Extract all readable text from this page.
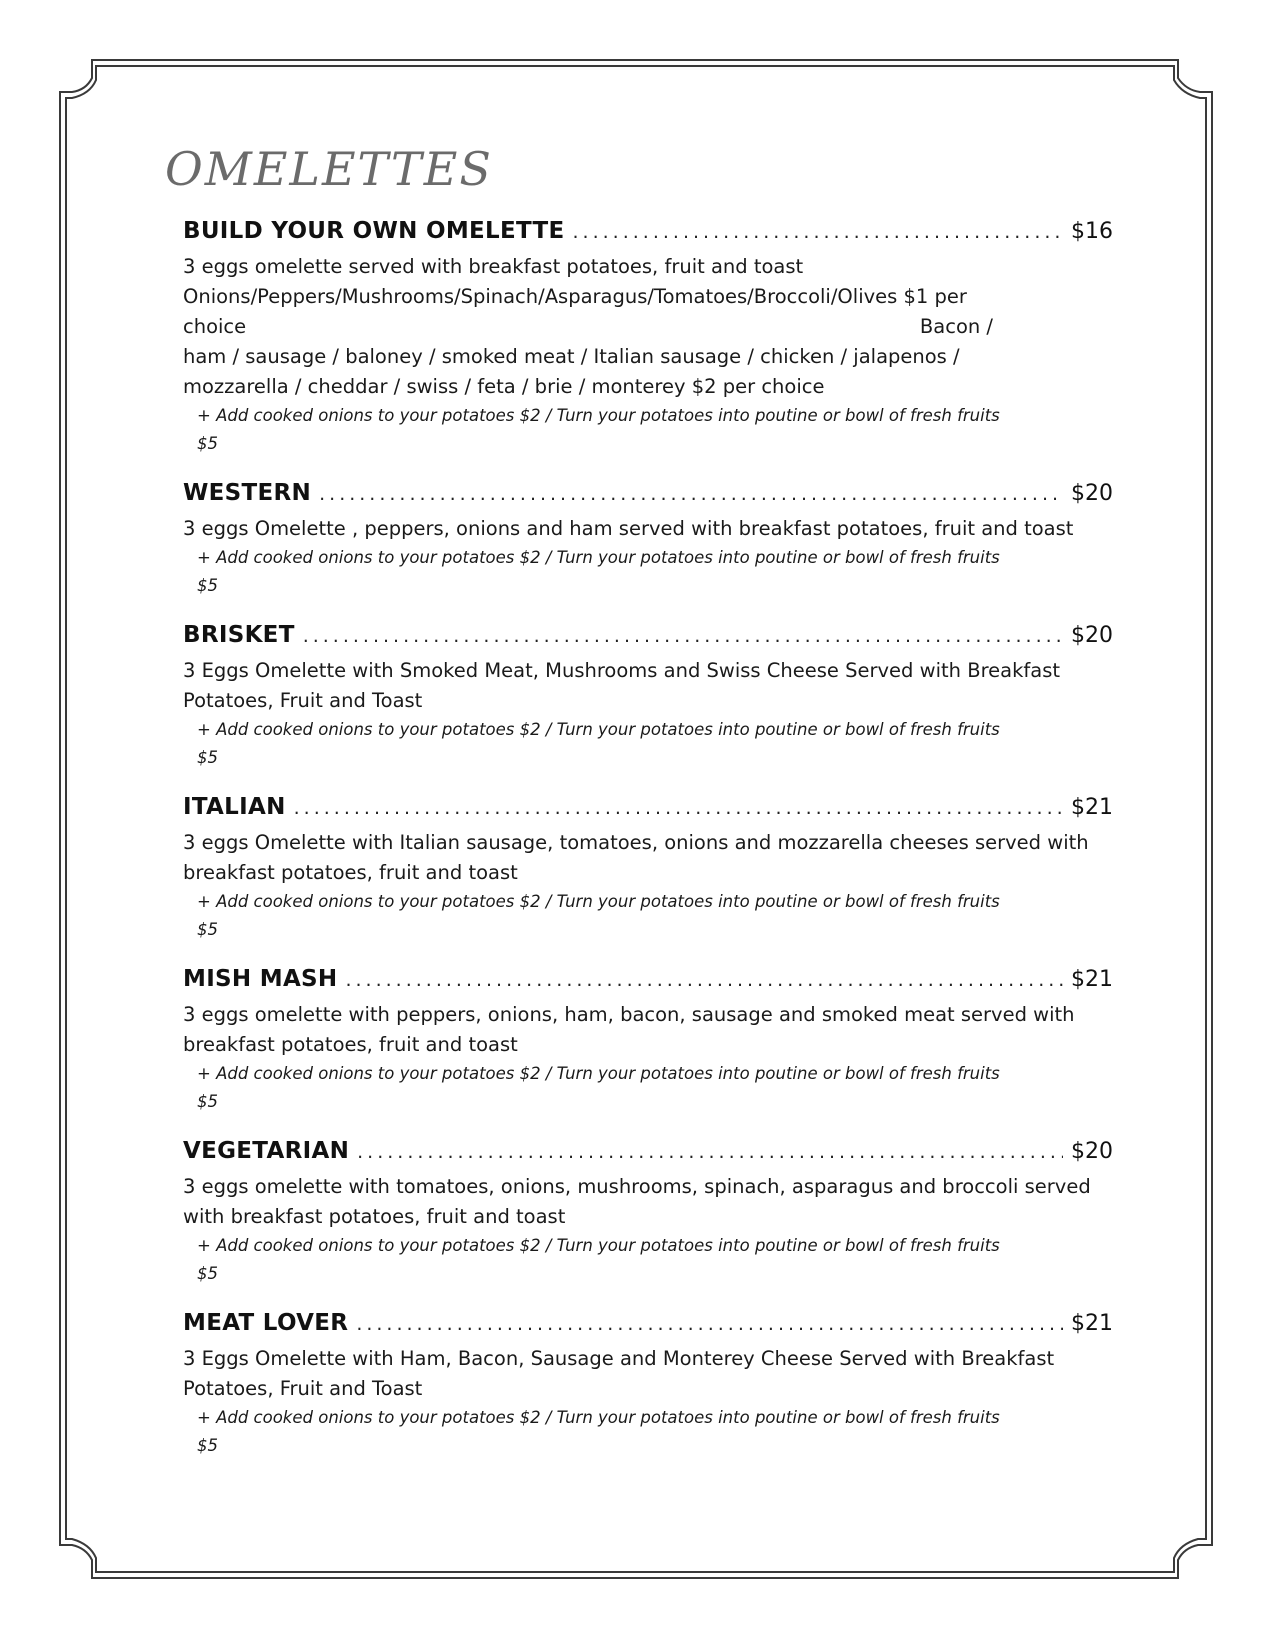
OMELETTES
BUILD YOUR OWN OMELETTE .....	$16
3 eggs omelette served with breakfast potatoes, fruit and toast
Onions/Peppers/Mushrooms/Spinach/Asparagus/Tomatoes/Broccoli/Olives $1 per
choice	Bacon /
ham / sausage / baloney / smoked meat / Italian sausage / chicken / jalapenos /
mozzarella / cheddar / swiss / feta / brie / monterey $2 per choice
+ Add cooked onions to your potatoes $2 / Turn your potatoes into poutine or bowl of fresh fruits
$5
WESTERN .....	$20
3 eggs Omelette , peppers, onions and ham served with breakfast potatoes, fruit and toast
+ Add cooked onions to your potatoes $2 / Turn your potatoes into poutine or bowl of fresh fruits
$5
BRISKET .....	$20
3 Eggs Omelette with Smoked Meat, Mushrooms and Swiss Cheese Served with Breakfast Potatoes, Fruit and Toast
+ Add cooked onions to your potatoes $2 / Turn your potatoes into poutine or bowl of fresh fruits
$5
ITALIAN .....	$21
3 eggs Omelette with Italian sausage, tomatoes, onions and mozzarella cheeses served with breakfast potatoes, fruit and toast
+ Add cooked onions to your potatoes $2 / Turn your potatoes into poutine or bowl of fresh fruits
$5
MISH MASH .....	$21
3 eggs omelette with peppers, onions, ham, bacon, sausage and smoked meat served with breakfast potatoes, fruit and toast
+ Add cooked onions to your potatoes $2 / Turn your potatoes into poutine or bowl of fresh fruits
$5
VEGETARIAN .....	$20
3 eggs omelette with tomatoes, onions, mushrooms, spinach, asparagus and broccoli served with breakfast potatoes, fruit and toast
+ Add cooked onions to your potatoes $2 / Turn your potatoes into poutine or bowl of fresh fruits
$5
MEAT LOVER .....	$21
3 Eggs Omelette with Ham, Bacon, Sausage and Monterey Cheese Served with Breakfast Potatoes, Fruit and Toast
+ Add cooked onions to your potatoes $2 / Turn your potatoes into poutine or bowl of fresh fruits
$5
